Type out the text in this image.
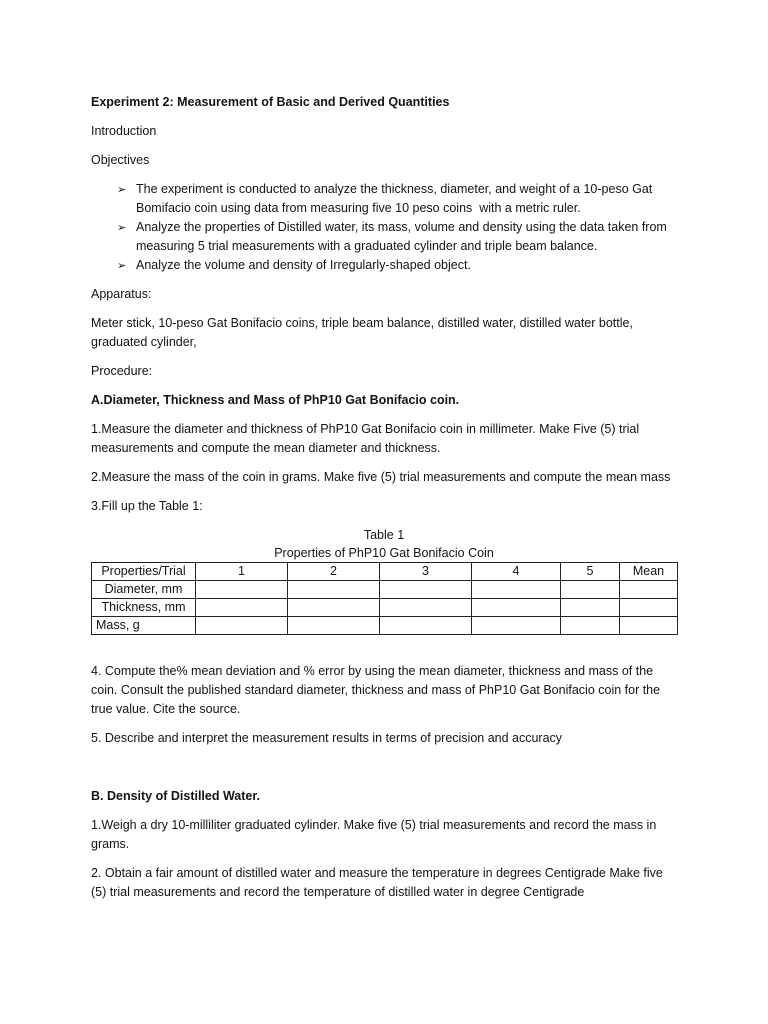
Experiment 2: Measurement of Basic and Derived Quantities

Introduction

Objectives

➢ The experiment is conducted to analyze the thickness, diameter, and weight of a 10-peso Gat
Bomifacio coin using data from measuring five 10 peso coins  with a metric ruler.
➢ Analyze the properties of Distilled water, its mass, volume and density using the data taken from
measuring 5 trial measurements with a graduated cylinder and triple beam balance.
➢ Analyze the volume and density of Irregularly-shaped object.

Apparatus:

Meter stick, 10-peso Gat Bonifacio coins, triple beam balance, distilled water, distilled water bottle,
graduated cylinder,

Procedure:

A.Diameter, Thickness and Mass of PhP10 Gat Bonifacio coin.

1.Measure the diameter and thickness of PhP10 Gat Bonifacio coin in millimeter. Make Five (5) trial
measurements and compute the mean diameter and thickness.

2.Measure the mass of the coin in grams. Make five (5) trial measurements and compute the mean mass

3.Fill up the Table 1:

Table 1
Properties of PhP10 Gat Bonifacio Coin
Properties/Trial	1	2	3	4	5	Mean
Diameter, mm						
Thickness, mm						
Mass, g						

4. Compute the% mean deviation and % error by using the mean diameter, thickness and mass of the
coin. Consult the published standard diameter, thickness and mass of PhP10 Gat Bonifacio coin for the
true value. Cite the source.

5. Describe and interpret the measurement results in terms of precision and accuracy

B. Density of Distilled Water.

1.Weigh a dry 10-milliliter graduated cylinder. Make five (5) trial measurements and record the mass in
grams.

2. Obtain a fair amount of distilled water and measure the temperature in degrees Centigrade Make five
(5) trial measurements and record the temperature of distilled water in degree Centigrade
